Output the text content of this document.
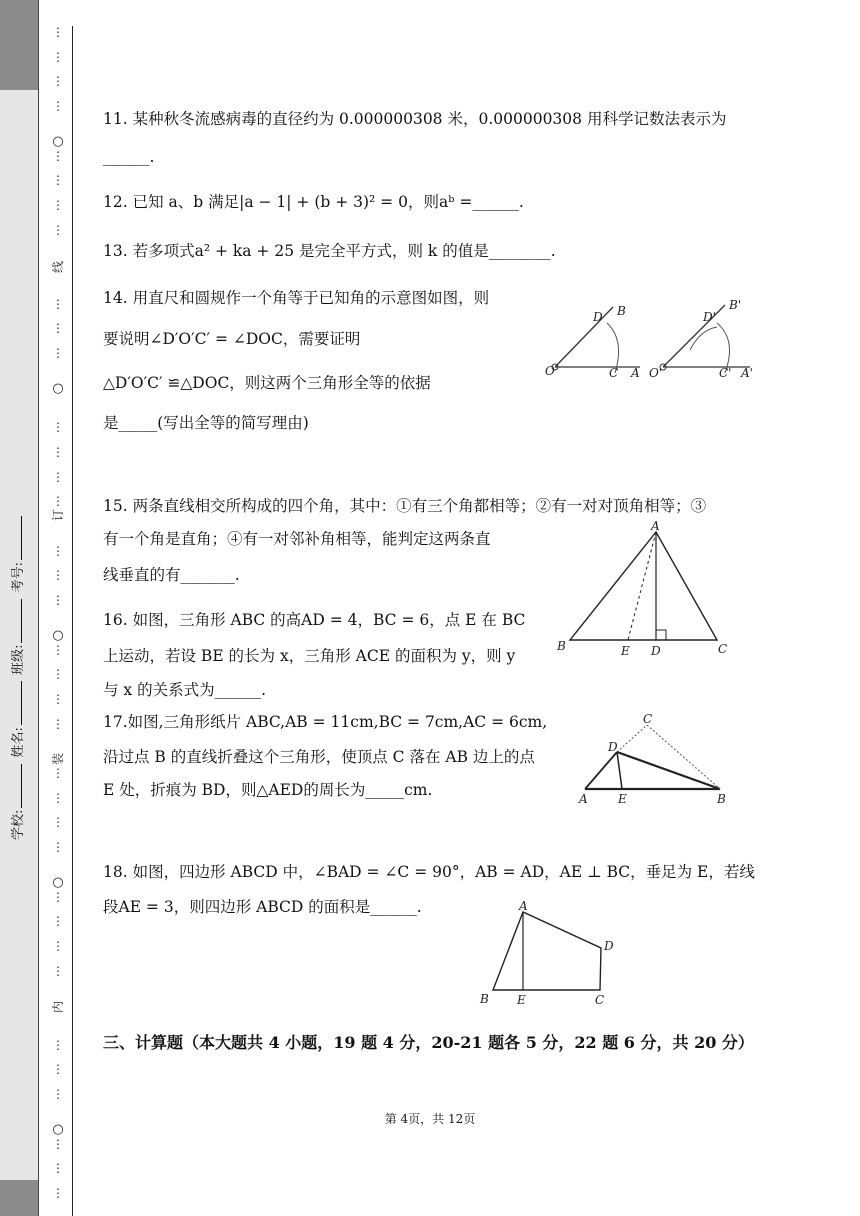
学校: 姓名: 班级: 考号:
⋮
⋮
⋮
⋮
⋮
⋮
⋮
⋮
⋮
⋮
⋮
⋮
⋮
⋮
⋮
⋮
⋮
⋮
⋮
⋮
⋮
⋮
⋮
⋮
⋮
⋮
⋮
⋮
⋮
⋮
⋮
⋮
⋮
⋮
⋮
⋮
○
○
○
○
○
线
订
装
内
11. 某种秋冬流感病毒的直径约为 0.000000308 米，0.000000308 用科学记数法表示为
______.
12. 已知 a、b 满足|a − 1| + (b + 3)² = 0，则aᵇ =______.
13. 若多项式a² + ka + 25 是完全平方式，则 k 的值是________.
14. 用直尺和圆规作一个角等于已知角的示意图如图，则
要说明∠D′O′C′ = ∠DOC，需要证明
△D′O′C′ ≌△DOC，则这两个三角形全等的依据
是_____(写出全等的简写理由)
O
D B
C A O'
D'
B'
C' A'
15. 两条直线相交所构成的四个角，其中：①有三个角都相等；②有一对对顶角相等；③
有一个角是直角；④有一对邻补角相等，能判定这两条直
线垂直的有_______.
16. 如图，三角形 ABC 的高AD = 4，BC = 6，点 E 在 BC
上运动，若设 BE 的长为 x，三角形 ACE 的面积为 y，则 y
与 x 的关系式为______.
A
B	E D	C
17.如图,三角形纸片 ABC,AB = 11cm,BC = 7cm,AC = 6cm,
沿过点 B 的直线折叠这个三角形，使顶点 C 落在 AB 边上的点
E 处，折痕为 BD，则△AED的周长为_____cm.
C
D
A	E	B
18. 如图，四边形 ABCD 中，∠BAD = ∠C = 90°，AB = AD，AE ⊥ BC，垂足为 E，若线
段AE = 3，则四边形 ABCD 的面积是______.	A
D
B E	C
三、计算题（本大题共 4 小题，19 题 4 分，20-21 题各 5 分，22 题 6 分，共 20 分）
第 4页，共 12页
